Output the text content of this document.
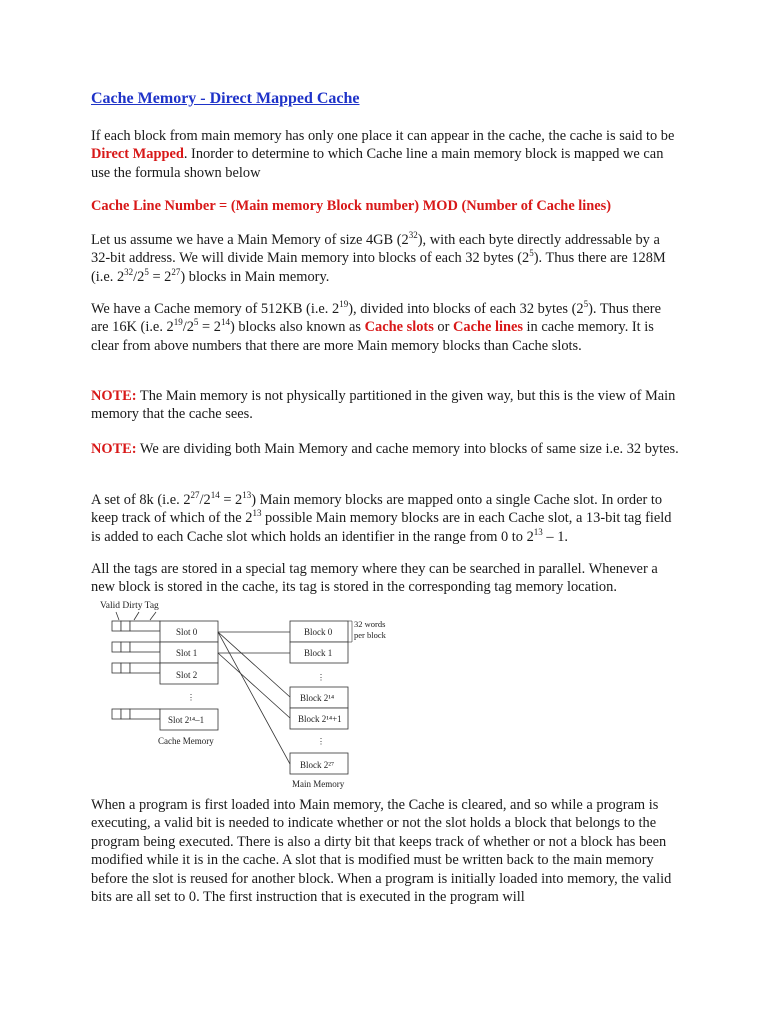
Cache Memory - Direct Mapped Cache

If each block from main memory has only one place it can appear in the cache, the cache is said to be Direct Mapped. Inorder to determine to which Cache line a main memory block is mapped we can use the formula shown below

Cache Line Number = (Main memory Block number) MOD (Number of Cache lines)

Let us assume we have a Main Memory of size 4GB $(2^{32})$, with each byte directly addressable by a 32-bit address. We will divide Main memory into blocks of each 32 bytes $(2^5)$. Thus there are 128M (i.e. $2^{32}/2^5 = 2^{27}$) blocks in Main memory.

We have a Cache memory of 512KB (i.e. $2^{19}$), divided into blocks of each 32 bytes $(2^5)$. Thus there are 16K (i.e. $2^{19}/2^5 = 2^{14}$) blocks also known as Cache slots or Cache lines in cache memory. It is clear from above numbers that there are more Main memory blocks than Cache slots.

NOTE: The Main memory is not physically partitioned in the given way, but this is the view of Main memory that the cache sees.

NOTE: We are dividing both Main Memory and cache memory into blocks of same size i.e. 32 bytes.

A set of 8k (i.e. $2^{27}/2^{14} = 2^{13}$) Main memory blocks are mapped onto a single Cache slot. In order to keep track of which of the $2^{13}$ possible Main memory blocks are in each Cache slot, a 13-bit tag field is added to each Cache slot which holds an identifier in the range from 0 to $2^{13} - 1$.

All the tags are stored in a special tag memory where they can be searched in parallel. Whenever a new block is stored in the cache, its tag is stored in the corresponding tag memory location.

When a program is first loaded into Main memory, the Cache is cleared, and so while a program is executing, a valid bit is needed to indicate whether or not the slot holds a block that belongs to the program being executed. There is also a dirty bit that keeps track of whether or not a block has been modified while it is in the cache. A slot that is modified must be written back to the main memory before the slot is reused for another block. When a program is initially loaded into memory, the valid bits are all set to 0. The first instruction that is executed in the program will

Valid Dirty Tag
Slot 0
Slot 1
Slot 2
⋮
Slot 2¹⁴–1
Cache Memory
Block 0
Block 1
⋮
Block 2¹⁴
Block 2¹⁴+1
⋮
Block 2²⁷
Main Memory
32 words
per block
